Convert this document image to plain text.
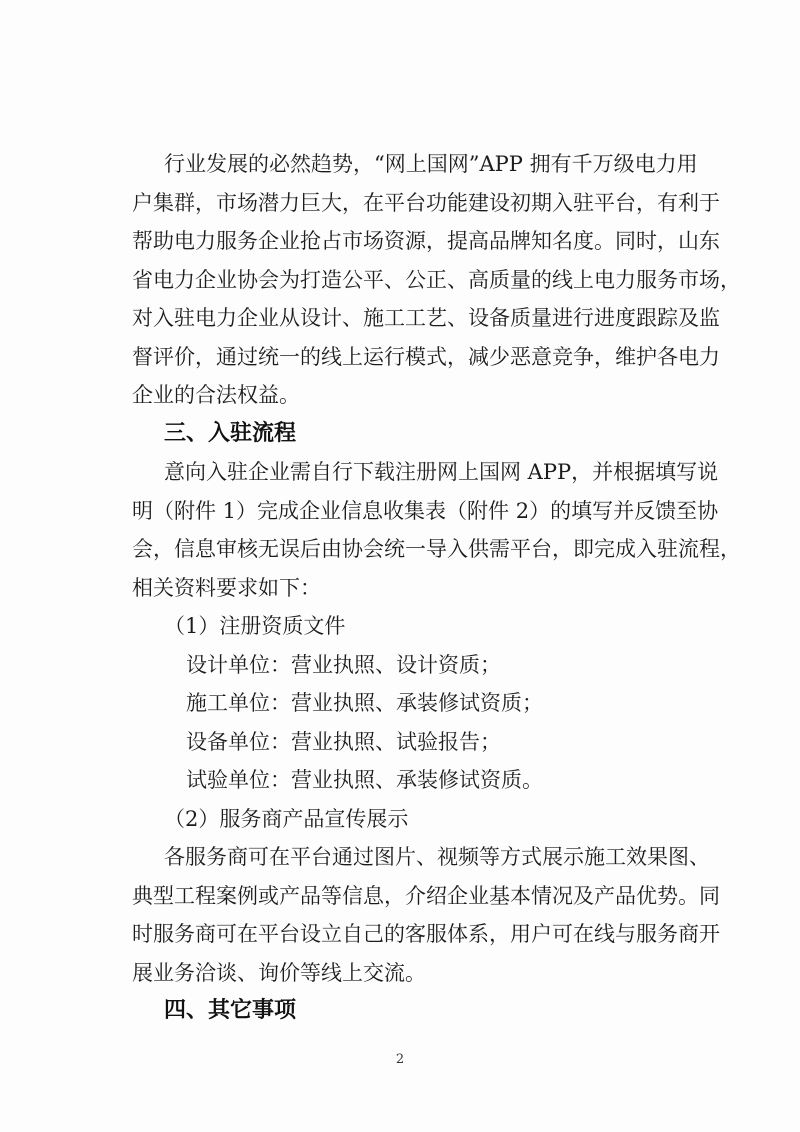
行业发展的必然趋势，“网上国网”APP 拥有千万级电力用

户集群，市场潜力巨大，在平台功能建设初期入驻平台，有利于

帮助电力服务企业抢占市场资源，提高品牌知名度。同时，山东

省电力企业协会为打造公平、公正、高质量的线上电力服务市场，

对入驻电力企业从设计、施工工艺、设备质量进行进度跟踪及监

督评价，通过统一的线上运行模式，减少恶意竞争，维护各电力

企业的合法权益。

三、入驻流程

意向入驻企业需自行下载注册网上国网 APP，并根据填写说

明（附件 1）完成企业信息收集表（附件 2）的填写并反馈至协

会，信息审核无误后由协会统一导入供需平台，即完成入驻流程，

相关资料要求如下：

（1）注册资质文件

设计单位：营业执照、设计资质；

施工单位：营业执照、承装修试资质；

设备单位：营业执照、试验报告；

试验单位：营业执照、承装修试资质。

（2）服务商产品宣传展示

各服务商可在平台通过图片、视频等方式展示施工效果图、

典型工程案例或产品等信息，介绍企业基本情况及产品优势。同

时服务商可在平台设立自己的客服体系，用户可在线与服务商开

展业务洽谈、询价等线上交流。

2

四、其它事项
